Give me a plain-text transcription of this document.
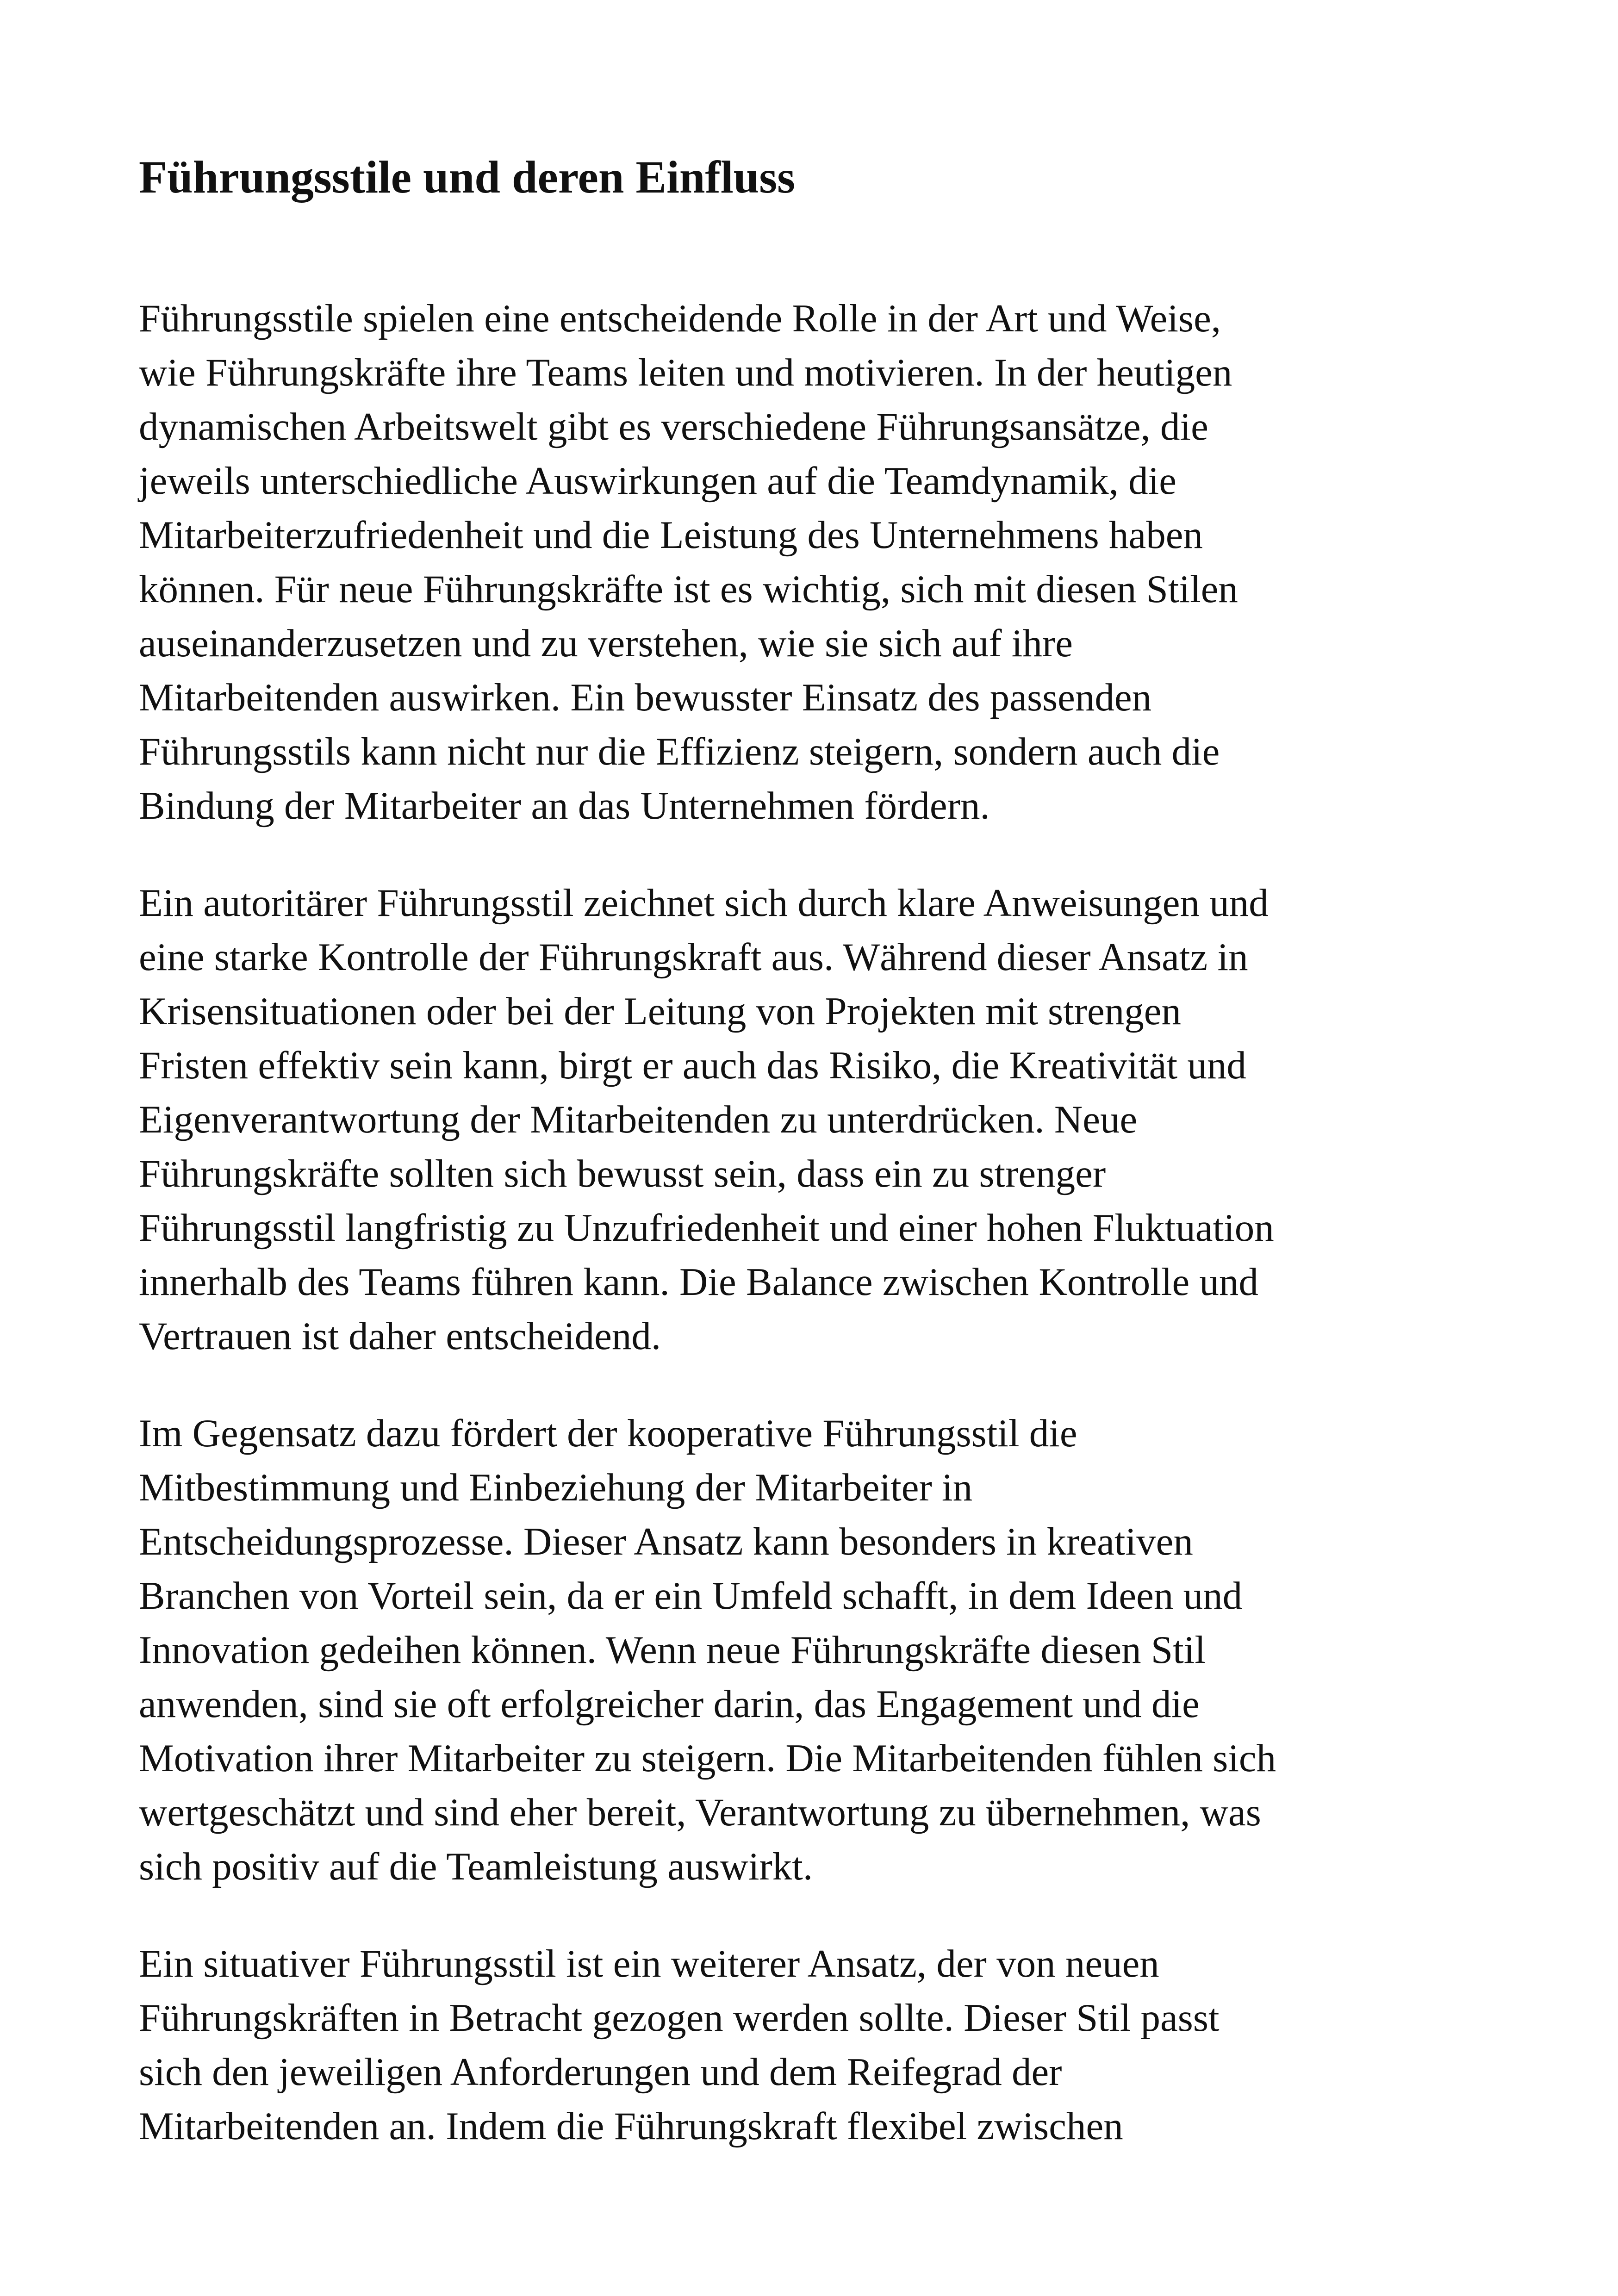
Führungsstile und deren Einfluss

Führungsstile spielen eine entscheidende Rolle in der Art und Weise,
wie Führungskräfte ihre Teams leiten und motivieren. In der heutigen
dynamischen Arbeitswelt gibt es verschiedene Führungsansätze, die
jeweils unterschiedliche Auswirkungen auf die Teamdynamik, die
Mitarbeiterzufriedenheit und die Leistung des Unternehmens haben
können. Für neue Führungskräfte ist es wichtig, sich mit diesen Stilen
auseinanderzusetzen und zu verstehen, wie sie sich auf ihre
Mitarbeitenden auswirken. Ein bewusster Einsatz des passenden
Führungsstils kann nicht nur die Effizienz steigern, sondern auch die
Bindung der Mitarbeiter an das Unternehmen fördern.

Ein autoritärer Führungsstil zeichnet sich durch klare Anweisungen und
eine starke Kontrolle der Führungskraft aus. Während dieser Ansatz in
Krisensituationen oder bei der Leitung von Projekten mit strengen
Fristen effektiv sein kann, birgt er auch das Risiko, die Kreativität und
Eigenverantwortung der Mitarbeitenden zu unterdrücken. Neue
Führungskräfte sollten sich bewusst sein, dass ein zu strenger
Führungsstil langfristig zu Unzufriedenheit und einer hohen Fluktuation
innerhalb des Teams führen kann. Die Balance zwischen Kontrolle und
Vertrauen ist daher entscheidend.

Im Gegensatz dazu fördert der kooperative Führungsstil die
Mitbestimmung und Einbeziehung der Mitarbeiter in
Entscheidungsprozesse. Dieser Ansatz kann besonders in kreativen
Branchen von Vorteil sein, da er ein Umfeld schafft, in dem Ideen und
Innovation gedeihen können. Wenn neue Führungskräfte diesen Stil
anwenden, sind sie oft erfolgreicher darin, das Engagement und die
Motivation ihrer Mitarbeiter zu steigern. Die Mitarbeitenden fühlen sich
wertgeschätzt und sind eher bereit, Verantwortung zu übernehmen, was
sich positiv auf die Teamleistung auswirkt.

Ein situativer Führungsstil ist ein weiterer Ansatz, der von neuen
Führungskräften in Betracht gezogen werden sollte. Dieser Stil passt
sich den jeweiligen Anforderungen und dem Reifegrad der
Mitarbeitenden an. Indem die Führungskraft flexibel zwischen
